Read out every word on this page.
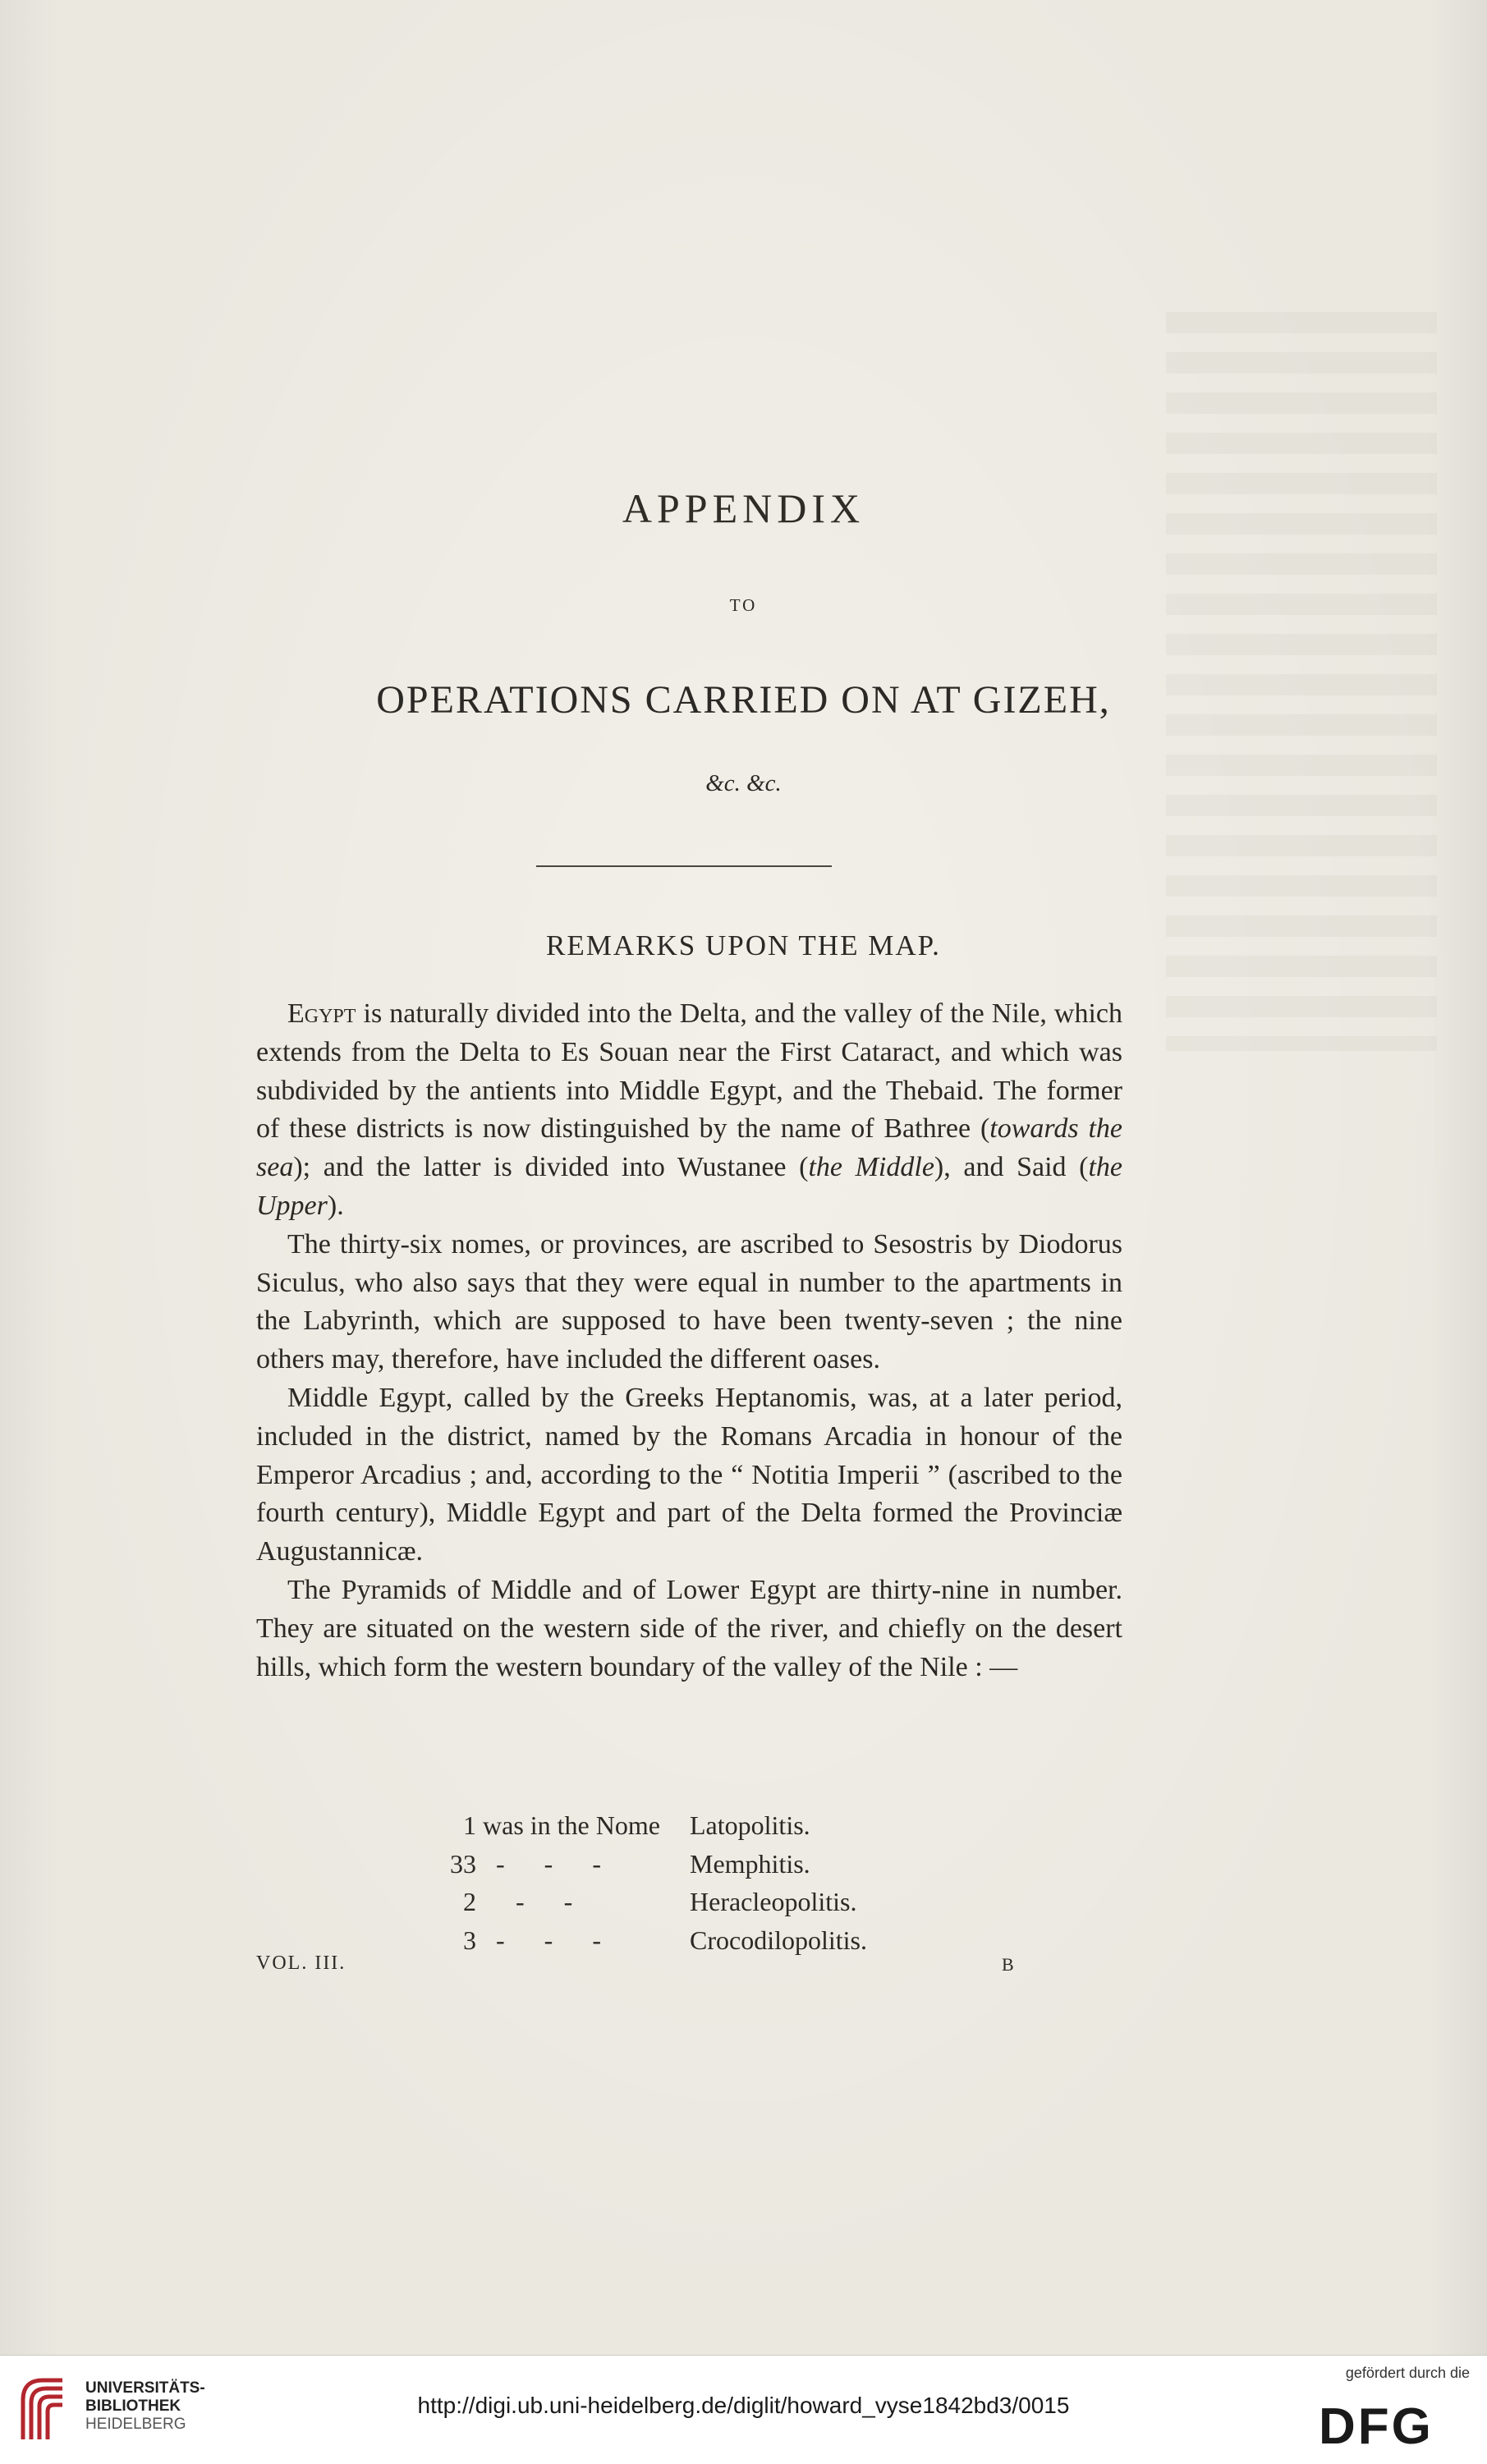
APPENDIX
TO
OPERATIONS CARRIED ON AT GIZEH,
&c. &c.
REMARKS UPON THE MAP.

Egypt is naturally divided into the Delta, and the valley of the Nile, which extends from the Delta to Es Souan near the First Cataract, and which was subdivided by the antients into Middle Egypt, and the Thebaid. The former of these districts is now distinguished by the name of Bathree (towards the sea); and the latter is divided into Wustanee (the Middle), and Said (the Upper).

The thirty-six nomes, or provinces, are ascribed to Sesostris by Diodorus Siculus, who also says that they were equal in number to the apartments in the Labyrinth, which are supposed to have been twenty-seven ; the nine others may, therefore, have included the different oases.

Middle Egypt, called by the Greeks Heptanomis, was, at a later period, included in the district, named by the Romans Arcadia in honour of the Emperor Arcadius ; and, according to the “ Notitia Imperii ” (ascribed to the fourth century), Middle Egypt and part of the Delta formed the Provinciæ Augustannicæ.

The Pyramids of Middle and of Lower Egypt are thirty-nine in number. They are situated on the western side of the river, and chiefly on the desert hills, which form the western boundary of the valley of the Nile : —

1 was in the Nome Latopolitis.
33 -      -      -	Memphitis.
2 -      -	Heracleopolitis.
3 -      -      -	Crocodilopolitis.
VOL. III.	B
UNIVERSITÄTS-
BIBLIOTHEK
HEIDELBERG
http://digi.ub.uni-heidelberg.de/diglit/howard_vyse1842bd3/0015
gefördert durch die
DFG
